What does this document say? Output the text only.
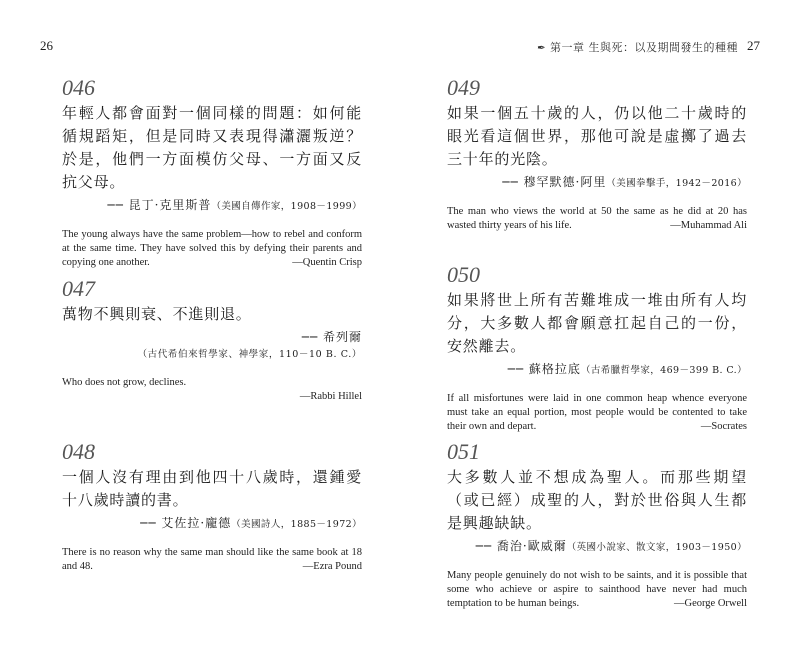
26
046
年輕人都會面對一個同樣的問題：如何能循規蹈矩，但是同時又表現得瀟灑叛逆？於是，他們一方面模仿父母、一方面又反抗父母。
── 昆丁·克里斯普（美國自傳作家，1908－1999）
The young always have the same problem—how to rebel and conform at the same time. They have solved this by defying their parents and copying one another.	—Quentin Crisp
047
萬物不興則衰、不進則退。
── 希列爾
（古代希伯來哲學家、神學家，110－10 B. C.）
Who does not grow, declines.
—Rabbi Hillel
048
一個人沒有理由到他四十八歲時，還鍾愛十八歲時讀的書。
── 艾佐拉·龐德（美國詩人，1885－1972）
There is no reason why the same man should like the same book at 18 and 48.	—Ezra Pound
✒ 第一章 生與死：以及期間發生的種種 27
049
如果一個五十歲的人，仍以他二十歲時的眼光看這個世界，那他可說是虛擲了過去三十年的光陰。
── 穆罕默德·阿里（美國拳擊手，1942－2016）
The man who views the world at 50 the same as he did at 20 has wasted thirty years of his life.	—Muhammad Ali
050
如果將世上所有苦難堆成一堆由所有人均分，大多數人都會願意扛起自己的一份，安然離去。
── 蘇格拉底（古希臘哲學家，469－399 B. C.）
If all misfortunes were laid in one common heap whence everyone must take an equal portion, most people would be contented to take their own and depart.	—Socrates
051
大多數人並不想成為聖人。而那些期望（或已經）成聖的人，對於世俗與人生都是興趣缺缺。
── 喬治·歐威爾（英國小說家、散文家，1903－1950）
Many people genuinely do not wish to be saints, and it is possible that some who achieve or aspire to sainthood have never had much temptation to be human beings.	—George Orwell
